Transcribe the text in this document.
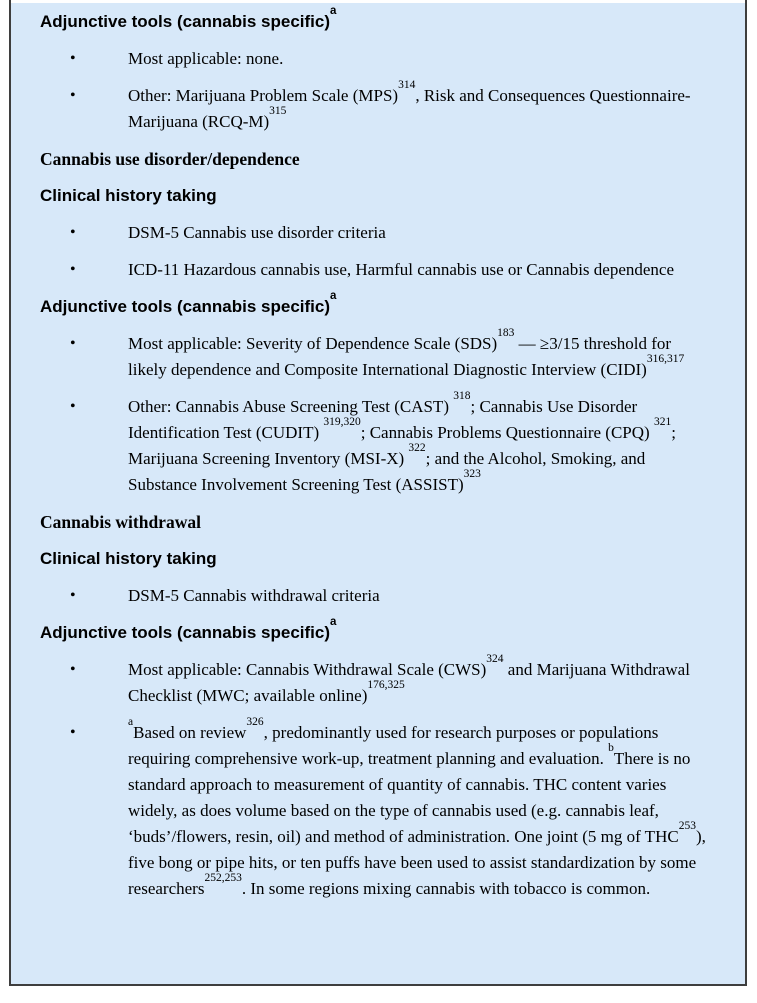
Adjunctive tools (cannabis specific)$^a$
•	Most applicable: none.
•	Other: Marijuana Problem Scale (MPS)$^{314}$, Risk and Consequences Questionnaire-Marijuana (RCQ-M)$^{315}$
Cannabis use disorder/dependence
Clinical history taking
•	DSM-5 Cannabis use disorder criteria
•	ICD-11 Hazardous cannabis use, Harmful cannabis use or Cannabis dependence
Adjunctive tools (cannabis specific)$^a$
•	Most applicable: Severity of Dependence Scale (SDS)$^{183}$ — ≥3/15 threshold for likely dependence and Composite International Diagnostic Interview (CIDI)$^{316,317}$
•	Other: Cannabis Abuse Screening Test (CAST) $^{318}$; Cannabis Use Disorder Identification Test (CUDIT) $^{319,320}$; Cannabis Problems Questionnaire (CPQ) $^{321}$; Marijuana Screening Inventory (MSI-X) $^{322}$; and the Alcohol, Smoking, and Substance Involvement Screening Test (ASSIST)$^{323}$
Cannabis withdrawal
Clinical history taking
•	DSM-5 Cannabis withdrawal criteria
Adjunctive tools (cannabis specific)$^a$
•	Most applicable: Cannabis Withdrawal Scale (CWS)$^{324}$ and Marijuana Withdrawal Checklist (MWC; available online)$^{176,325}$
•
$^a$Based on review$^{326}$, predominantly used for research purposes or populations requiring comprehensive work-up, treatment planning and evaluation. $^b$There is no standard approach to measurement of quantity of cannabis. THC content varies widely, as does volume based on the type of cannabis used (e.g. cannabis leaf, ‘buds’/flowers, resin, oil) and method of administration. One joint (5 mg of THC$^{253}$), five bong or pipe hits, or ten puffs have been used to assist standardization by some researchers$^{252,253}$. In some regions mixing cannabis with tobacco is common.
